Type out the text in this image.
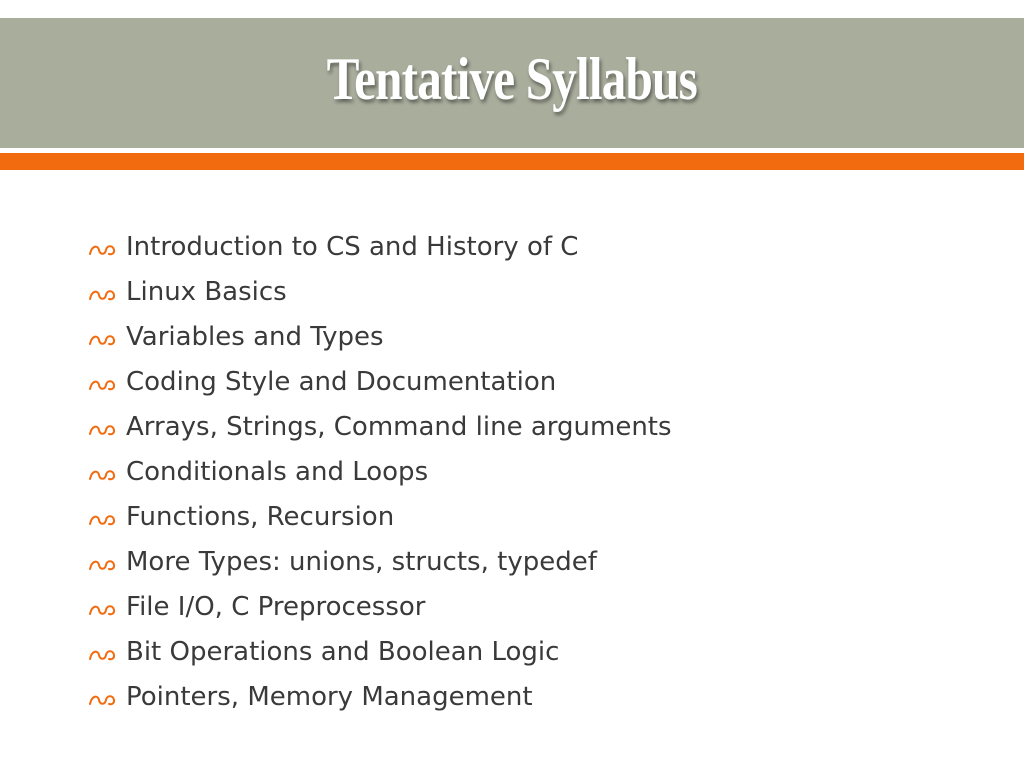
Tentative Syllabus
Introduction to CS and History of C
Linux Basics
Variables and Types
Coding Style and Documentation
Arrays, Strings, Command line arguments
Conditionals and Loops
Functions, Recursion
More Types: unions, structs, typedef
File I/O, C Preprocessor
Bit Operations and Boolean Logic
Pointers, Memory Management
